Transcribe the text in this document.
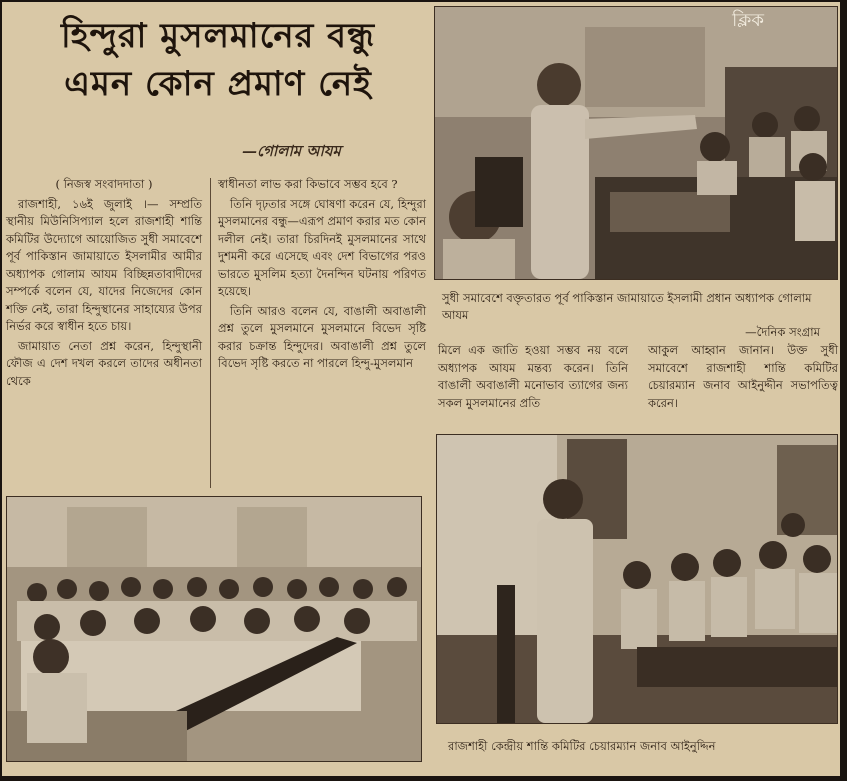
হিন্দুরা মুসলমানের বন্ধু
এমন কোন প্রমাণ নেই
—গোলাম আযম

( নিজস্ব সংবাদদাতা )

রাজশাহী, ১৬ই জুলাই ।— সম্প্রতি স্থানীয় মিউনিসিপ্যাল হলে রাজশাহী শান্তি কমিটির উদ্যোগে আয়োজিত সুধী সমাবেশে পূর্ব পাকিস্তান জামায়াতে ইসলামীর আমীর অধ্যাপক গোলাম আযম বিচ্ছিন্নতাবাদীদের সম্পর্কে বলেন যে, যাদের নিজেদের কোন শক্তি নেই, তারা হিন্দুস্থানের সাহায্যের উপর নির্ভর করে স্বাধীন হতে চায়।

জামায়াত নেতা প্রশ্ন করেন, হিন্দুস্থানী ফৌজ এ দেশ দখল করলে তাদের অধীনতা থেকে

স্বাধীনতা লাভ করা কিভাবে সম্ভব হবে ?

তিনি দৃঢ়তার সঙ্গে ঘোষণা করেন যে, হিন্দুরা মুসলমানের বন্ধু—এরূপ প্রমাণ করার মত কোন দলীল নেই। তারা চিরদিনই মুসলমানের সাথে দুশমনী করে এসেছে এবং দেশ বিভাগের পরও ভারতে মুসলিম হত্যা দৈনন্দিন ঘটনায় পরিণত হয়েছে।

তিনি আরও বলেন যে, বাঙালী অবাঙালী প্রশ্ন তুলে মুসলমানে মুসলমানে বিভেদ সৃষ্টি করার চক্রান্ত হিন্দুদের। অবাঙালী প্রশ্ন তুলে বিভেদ সৃষ্টি করতে না পারলে হিন্দু-মুসলমান

ক্লিক
সুধী সমাবেশে বক্তৃতারত পূর্ব পাকিস্তান জামায়াতে ইসলামী প্রধান অধ্যাপক গোলাম আযম
—দৈনিক সংগ্রাম

মিলে এক জাতি হওয়া সম্ভব নয় বলে অধ্যাপক আযম মন্তব্য করেন। তিনি বাঙালী অবাঙালী মনোভাব ত্যাগের জন্য সকল মুসলমানের প্রতি

আকুল আহ্বান জানান। উক্ত সুধী সমাবেশে রাজশাহী শান্তি কমিটির চেয়ারম্যান জনাব আইনুদ্দীন সভাপতিত্ব করেন।

রাজশাহী কেন্দ্রীয় শান্তি কমিটির চেয়ারম্যান জনাব আইনুদ্দিন
